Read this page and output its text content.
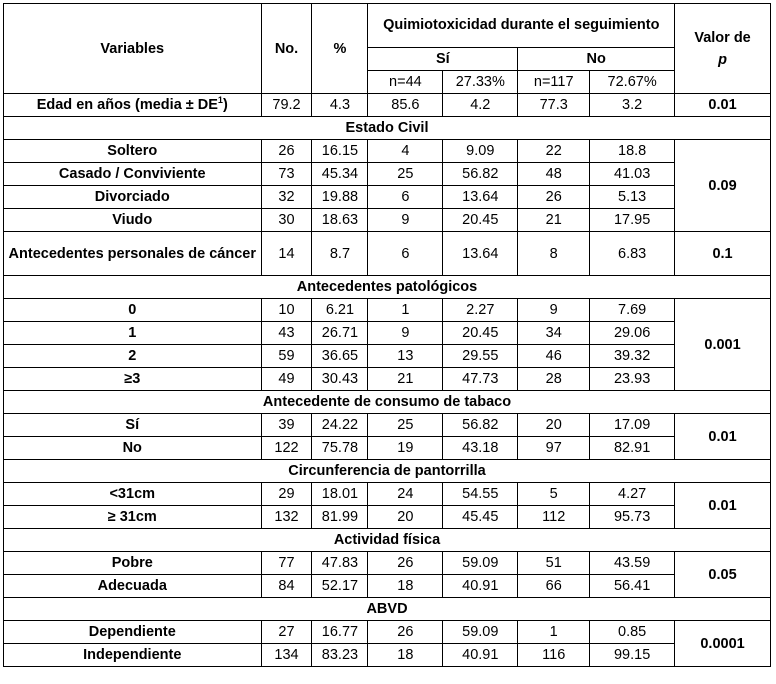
Variables	No.	%	Quimiotoxicidad durante el seguimiento				Valor de
p
			Sí		No		
			n=44	27.33%	n=117	72.67%	
Edad en años (media ± $DE^1$)	79.2	4.3	85.6	4.2	77.3	3.2	0.01
Estado Civil							
Soltero	26	16.15	4	9.09	22	18.8	0.09
Casado / Conviviente	73	45.34	25	56.82	48	41.03	
Divorciado	32	19.88	6	13.64	26	5.13	
Viudo	30	18.63	9	20.45	21	17.95	
Antecedentes personales de cáncer	14	8.7	6	13.64	8	6.83	0.1
Antecedentes patológicos							
0	10	6.21	1	2.27	9	7.69	0.001
1	43	26.71	9	20.45	34	29.06	
2	59	36.65	13	29.55	46	39.32	
≥3	49	30.43	21	47.73	28	23.93	
Antecedente de consumo de tabaco							
Sí	39	24.22	25	56.82	20	17.09	0.01
No	122	75.78	19	43.18	97	82.91	
Circunferencia de pantorrilla							
<31cm	29	18.01	24	54.55	5	4.27	0.01
≥ 31cm	132	81.99	20	45.45	112	95.73	
Actividad física							
Pobre	77	47.83	26	59.09	51	43.59	0.05
Adecuada	84	52.17	18	40.91	66	56.41	
ABVD							
Dependiente	27	16.77	26	59.09	1	0.85	0.0001
Independiente	134	83.23	18	40.91	116	99.15	
